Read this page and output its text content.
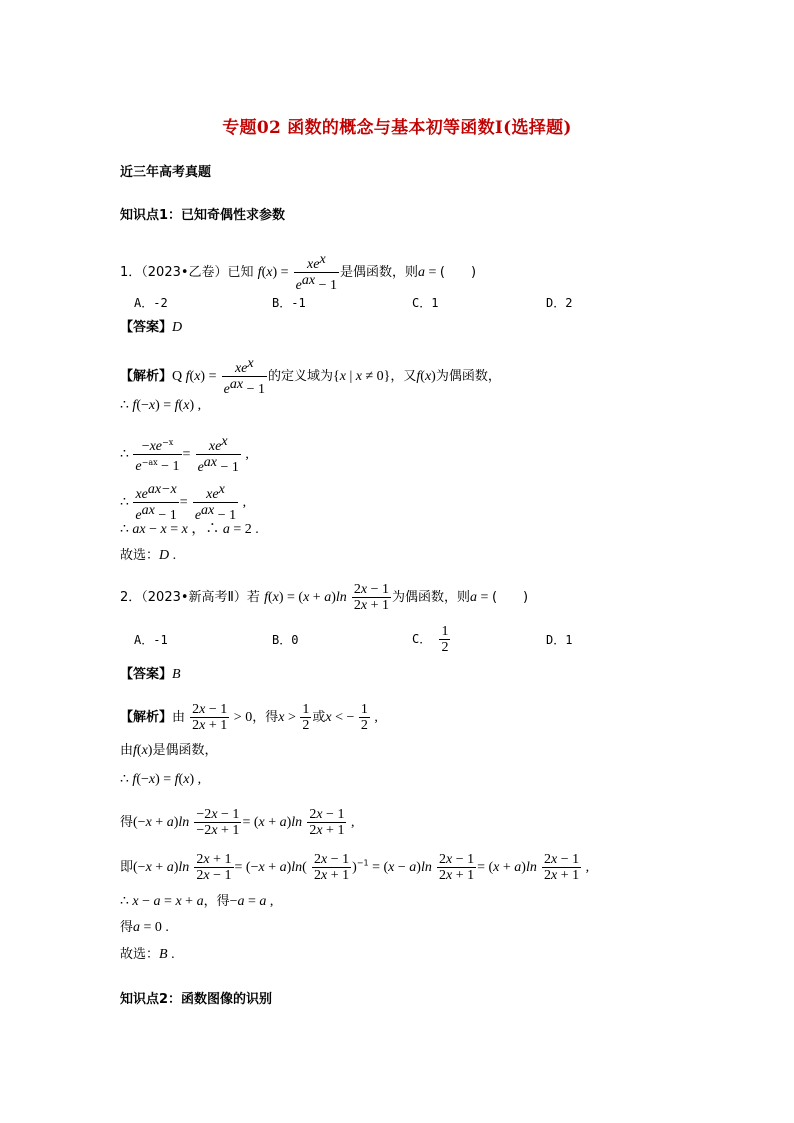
专题02 函数的概念与基本初等函数Ⅰ(选择题)
近三年高考真题
知识点1：已知奇偶性求参数
1．（2023•乙卷）已知 $f(x) = \frac{xe^x}{e^{ax} - 1}$ 是偶函数，则a = (　　)
A．-2	B．-1	C．1	D．2
【答案】D
【解析】Q $f(x) = \frac{xe^x}{e^{ax} - 1}$ 的定义域为{x | x ≠ 0}，又f(x)为偶函数，
∴ f(−x) = f(x) ,
∴ $\frac{-xe^{-x}}{e^{-ax} - 1} = \frac{xe^x}{e^{ax} - 1}$ ,
∴ $\frac{xe^{ax-x}}{e^{ax} - 1} = \frac{xe^x}{e^{ax} - 1}$ ,
∴ ax − x = x ，∴ a = 2 .
故选：D .
2．（2023•新高考Ⅱ）若 $f(x) = (x + a)\ln \frac{2x - 1}{2x + 1}$ 为偶函数，则a = (　　)
A．-1	B．0	C． $\frac{1}{2}$	D．1
【答案】B
【解析】由 $\frac{2x - 1}{2x + 1} > 0$，得$x > \frac{1}{2}$ 或x < − $\frac{1}{2}$ ,
由f(x)是偶函数，
∴ f(−x) = f(x) ,
得$(-x + a)\ln \frac{-2x - 1}{-2x + 1} = (x + a)\ln \frac{2x - 1}{2x + 1}$ ,
即$(-x + a)\ln \frac{2x + 1}{2x - 1} = (-x + a)\ln( \frac{2x - 1}{2x + 1} )^{-1} = (x - a)\ln \frac{2x - 1}{2x + 1} = (x + a)\ln \frac{2x - 1}{2x + 1}$ ,
∴ x − a = x + a，得−a = a ,
得a = 0 .
故选：B .
知识点2：函数图像的识别
